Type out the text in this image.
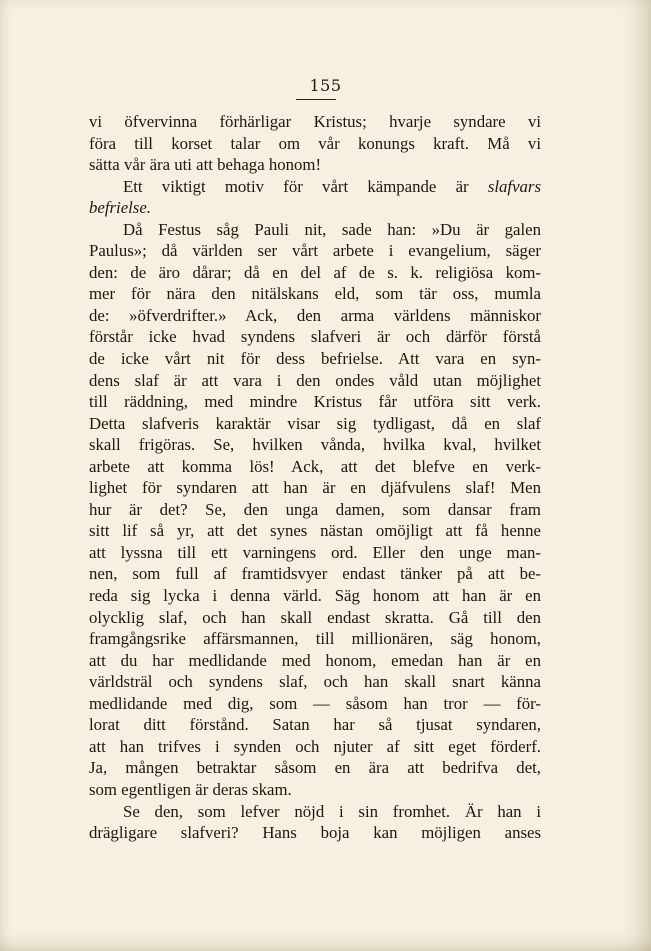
155
vi öfvervinna förhärligar Kristus; hvarje syndare vi
föra till korset talar om vår konungs kraft. Må vi
sätta vår ära uti att behaga honom!
Ett viktigt motiv för vårt kämpande är slafvars
befrielse.
Då Festus såg Pauli nit, sade han: »Du är galen
Paulus»; då världen ser vårt arbete i evangelium, säger
den: de äro dårar; då en del af de s. k. religiösa kom-
mer för nära den nitälskans eld, som tär oss, mumla
de: »öfverdrifter.» Ack, den arma världens människor
förstår icke hvad syndens slafveri är och därför förstå
de icke vårt nit för dess befrielse. Att vara en syn-
dens slaf är att vara i den ondes våld utan möjlighet
till räddning, med mindre Kristus får utföra sitt verk.
Detta slafveris karaktär visar sig tydligast, då en slaf
skall frigöras. Se, hvilken vånda, hvilka kval, hvilket
arbete att komma lös! Ack, att det blefve en verk-
lighet för syndaren att han är en djäfvulens slaf! Men
hur är det? Se, den unga damen, som dansar fram
sitt lif så yr, att det synes nästan omöjligt att få henne
att lyssna till ett varningens ord. Eller den unge man-
nen, som full af framtidsvyer endast tänker på att be-
reda sig lycka i denna värld. Säg honom att han är en
olycklig slaf, och han skall endast skratta. Gå till den
framgångsrike affärsmannen, till millionären, säg honom,
att du har medlidande med honom, emedan han är en
världsträl och syndens slaf, och han skall snart känna
medlidande med dig, som — såsom han tror — för-
lorat ditt förstånd. Satan har så tjusat syndaren,
att han trifves i synden och njuter af sitt eget förderf.
Ja, mången betraktar såsom en ära att bedrifva det,
som egentligen är deras skam.
Se den, som lefver nöjd i sin fromhet. Är han i
drägligare slafveri? Hans boja kan möjligen anses
